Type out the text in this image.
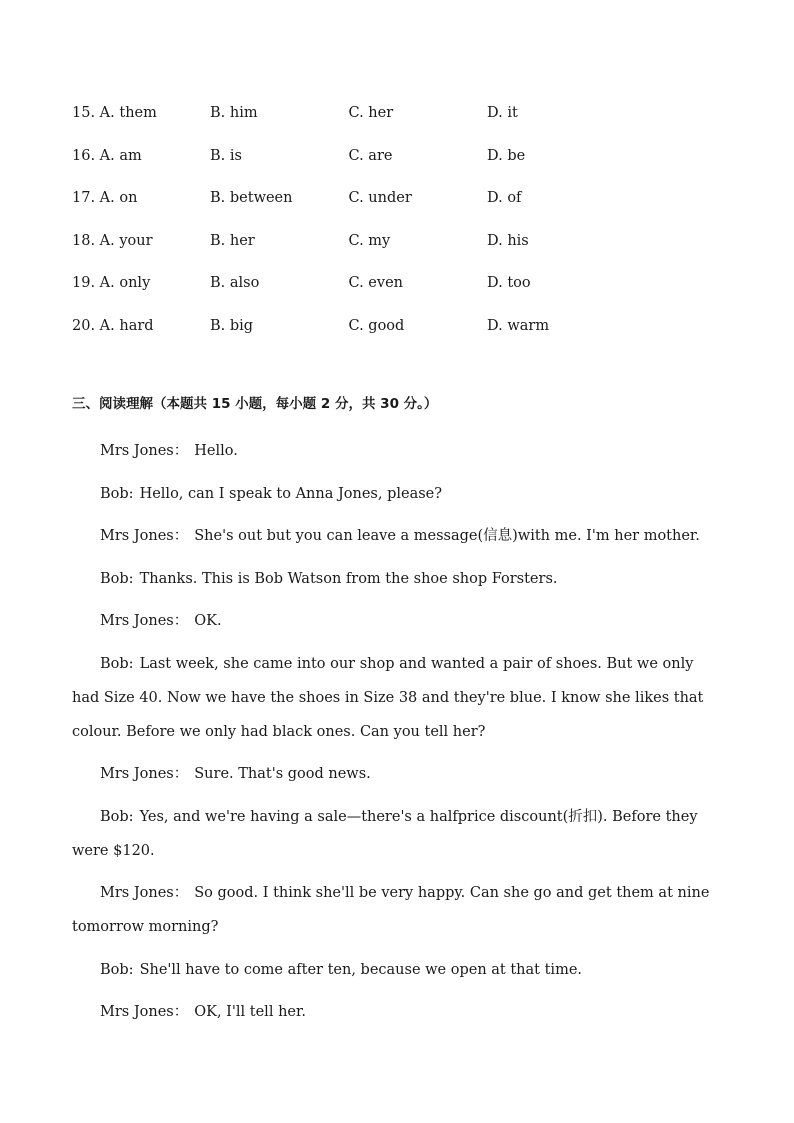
15. A. them	B. him	C. her	D. it
16. A. am	B. is	C. are	D. be
17. A. on	B. between	C. under	D. of
18. A. your	B. her	C. my	D. his
19. A. only	B. also	C. even	D. too
20. A. hard	B. big	C. good	D. warm
三、阅读理解（本题共 15 小题，每小题 2 分，共 30 分。）

Mrs Jones： Hello.

Bob: Hello, can I speak to Anna Jones, please?

Mrs Jones： She's out but you can leave a message(信息)with me. I'm her mother.

Bob: Thanks. This is Bob Watson from the shoe shop Forsters.

Mrs Jones： OK.

Bob: Last week, she came into our shop and wanted a pair of shoes. But we only had Size 40. Now we have the shoes in Size 38 and they're blue. I know she likes that colour. Before we only had black ones. Can you tell her?

Mrs Jones： Sure. That's good news.

Bob: Yes, and we're having a sale—there's a halfprice discount(折扣). Before they were $120.

Mrs Jones： So good. I think she'll be very happy. Can she go and get them at nine tomorrow morning?

Bob: She'll have to come after ten, because we open at that time.

Mrs Jones： OK, I'll tell her.
